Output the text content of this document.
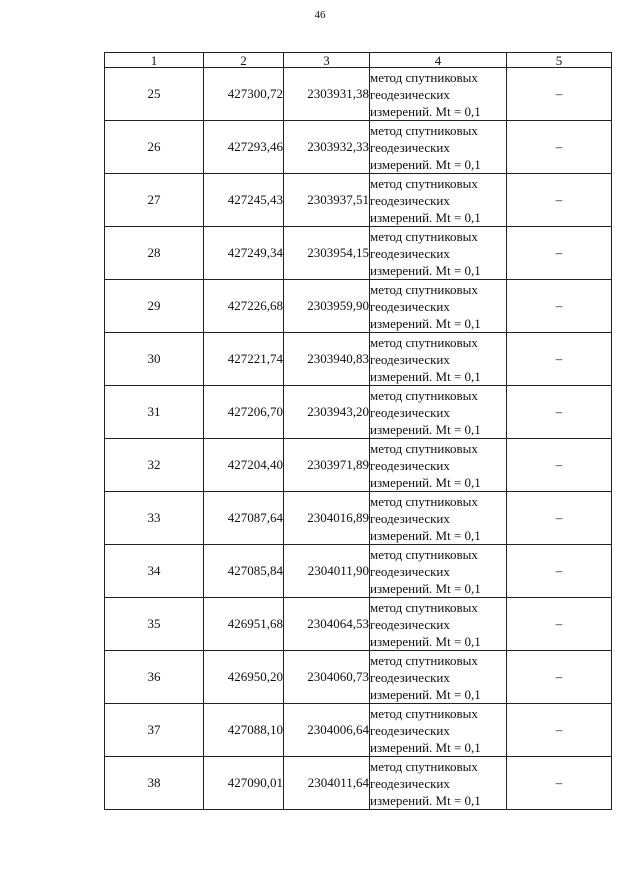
46
1	2	3	4	5
25	427300,72	2303931,38	метод спутниковых
геодезических
измерений. Mt = 0,1	–
26	427293,46	2303932,33	метод спутниковых
геодезических
измерений. Mt = 0,1	–
27	427245,43	2303937,51	метод спутниковых
геодезических
измерений. Mt = 0,1	–
28	427249,34	2303954,15	метод спутниковых
геодезических
измерений. Mt = 0,1	–
29	427226,68	2303959,90	метод спутниковых
геодезических
измерений. Mt = 0,1	–
30	427221,74	2303940,83	метод спутниковых
геодезических
измерений. Mt = 0,1	–
31	427206,70	2303943,20	метод спутниковых
геодезических
измерений. Mt = 0,1	–
32	427204,40	2303971,89	метод спутниковых
геодезических
измерений. Mt = 0,1	–
33	427087,64	2304016,89	метод спутниковых
геодезических
измерений. Mt = 0,1	–
34	427085,84	2304011,90	метод спутниковых
геодезических
измерений. Mt = 0,1	–
35	426951,68	2304064,53	метод спутниковых
геодезических
измерений. Mt = 0,1	–
36	426950,20	2304060,73	метод спутниковых
геодезических
измерений. Mt = 0,1	–
37	427088,10	2304006,64	метод спутниковых
геодезических
измерений. Mt = 0,1	–
38	427090,01	2304011,64	метод спутниковых
геодезических
измерений. Mt = 0,1	–
